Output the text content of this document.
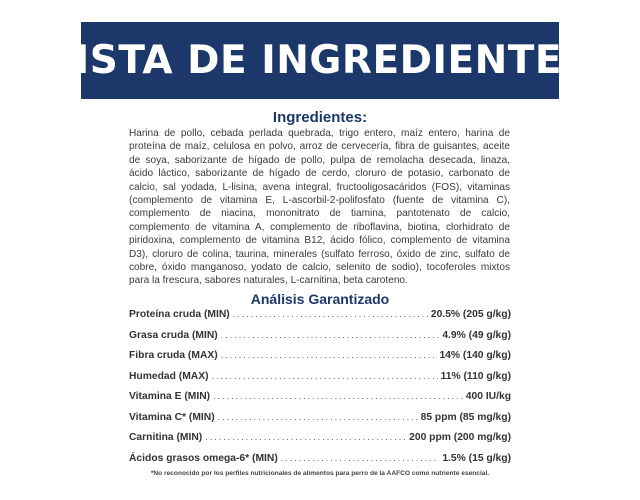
LISTA DE INGREDIENTES
Ingredientes:
Harina de pollo, cebada perlada quebrada, trigo entero, maíz entero, harina de proteína de maíz, celulosa en polvo, arroz de cervecería, fibra de guisantes, aceite de soya, saborizante de hígado de pollo, pulpa de remolacha desecada, linaza, ácido láctico, saborizante de hígado de cerdo, cloruro de potasio, carbonato de calcio, sal yodada, L-lisina, avena integral, fructooligosacáridos (FOS), vitaminas (complemento de vitamina E, L-ascorbil-2-polifosfato (fuente de vitamina C), complemento de niacina, mononitrato de tiamina, pantotenato de calcio, complemento de vitamina A, complemento de riboflavina, biotina, clorhidrato de piridoxina, complemento de vitamina B12, ácido fólico, complemento de vitamina D3), cloruro de colina, taurina, minerales (sulfato ferroso, óxido de zinc, sulfato de cobre, óxido manganoso, yodato de calcio, selenito de sodio), tocoferoles mixtos para la frescura, sabores naturales, L-carnitina, beta caroteno.
Análisis Garantizado
Proteína cruda (MIN) . . .	20.5% (205 g/kg)
Grasa cruda (MIN) . . .	4.9% (49 g/kg)
Fibra cruda (MAX) . . .	14% (140 g/kg)
Humedad (MAX) . . .	11% (110 g/kg)
Vitamina E (MIN) . . .	400 IU/kg
Vitamina C* (MIN) . . .	85 ppm (85 mg/kg)
Carnitina (MIN) . . .	200 ppm (200 mg/kg)
Ácidos grasos omega-6* (MIN) . . .	1.5% (15 g/kg)
*No reconocido por los perfiles nutricionales de alimentos para perro de la AAFCO como nutriente esencial.
